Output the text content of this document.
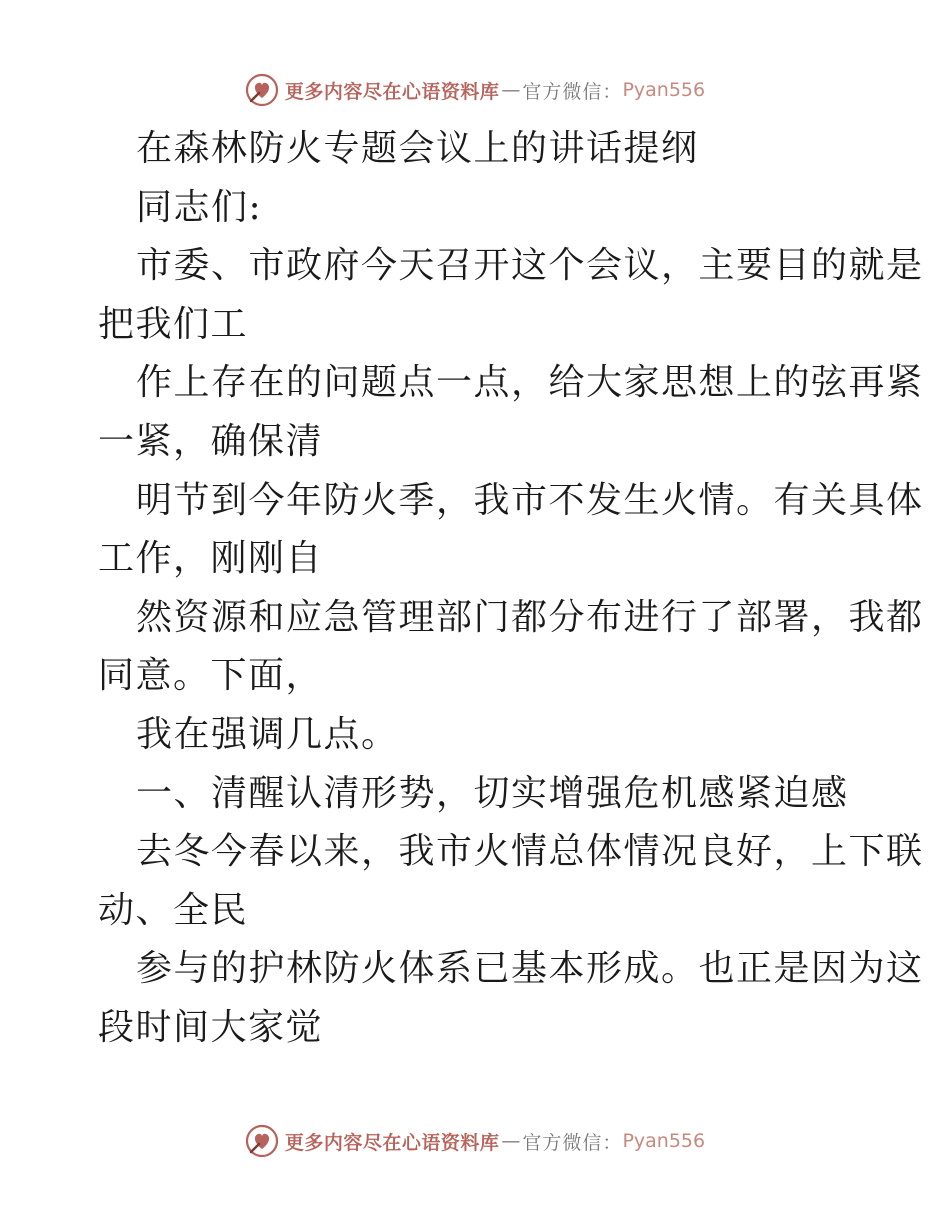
更多内容尽在心语资料库 — 官方微信： Pyan556
在森林防火专题会议上的讲话提纲
同志们:
市委、市政府今天召开这个会议，主要目的就是
把我们工
作上存在的问题点一点，给大家思想上的弦再紧
一紧，确保清
明节到今年防火季，我市不发生火情。有关具体
工作，刚刚自
然资源和应急管理部门都分布进行了部署，我都
同意。下面，
我在强调几点。
一、清醒认清形势，切实增强危机感紧迫感
去冬今春以来，我市火情总体情况良好，上下联
动、全民
参与的护林防火体系已基本形成。也正是因为这
段时间大家觉
更多内容尽在心语资料库 — 官方微信： Pyan556
